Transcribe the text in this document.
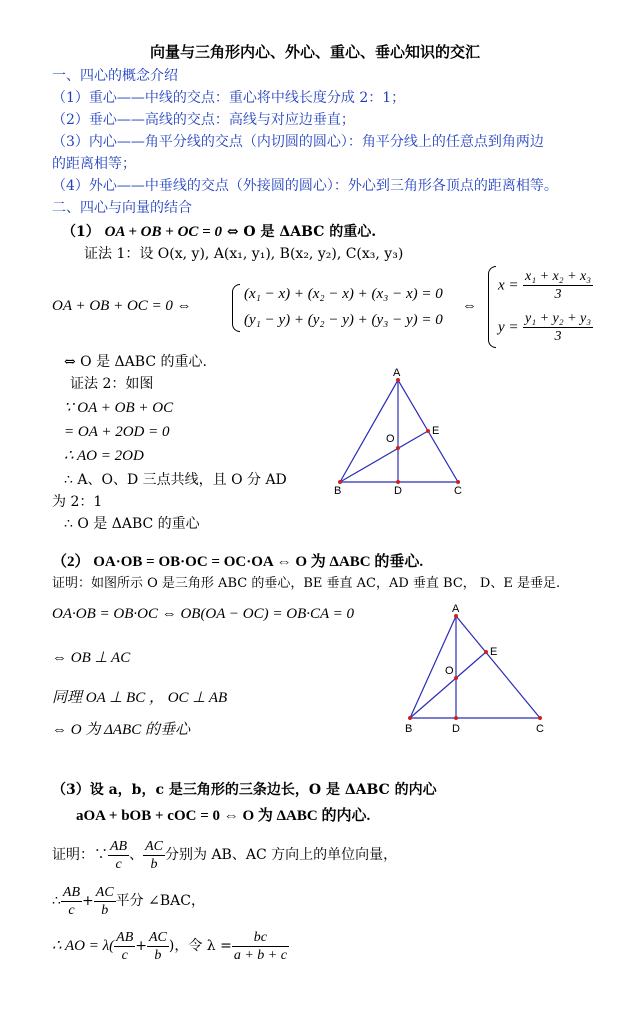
向量与三角形内心、外心、重心、垂心知识的交汇
一、四心的概念介绍
（1）重心——中线的交点：重心将中线长度分成 2：1；
（2）垂心——高线的交点：高线与对应边垂直；
（3）内心——角平分线的交点（内切圆的圆心）：角平分线上的任意点到角两边
的距离相等；
（4）外心——中垂线的交点（外接圆的圆心）：外心到三角形各顶点的距离相等。
二、四心与向量的结合
（1） OA + OB + OC = 0 ⇔ O 是 ΔABC 的重心.
证法 1：设 O(x, y), A(x₁, y₁), B(x₂, y₂), C(x₃, y₃)
OA + OB + OC = 0 ⇔
(x₁ − x) + (x₂ − x) + (x₃ − x) = 0
(y₁ − y) + (y₂ − y) + (y₃ − y) = 0
⇔
$x = \frac{\text{x₁ + x₂ + x₃}}{3}$
$y = \frac{\text{y₁ + y₂ + y₃}}{3}$
⇔ O 是 ΔABC 的重心.
证法 2：如图
∵ OA + OB + OC
= OA + 2OD = 0
∴ AO = 2OD
∴ A、O、D 三点共线，且 O 分 AD
为 2：1
∴ O 是 ΔABC 的重心
A
E
O
B	D	C
（2） OA·OB = OB·OC = OC·OA ⇔ O 为 ΔABC 的垂心.
证明：如图所示 O 是三角形 ABC 的垂心，BE 垂直 AC，AD 垂直 BC， D、E 是垂足.
OA·OB = OB·OC ⇔ OB(OA − OC) = OB·CA = 0
⇔ OB ⊥ AC
同理 OA ⊥ BC ， OC ⊥ AB
⇔ O 为 ΔABC 的垂心
A
E
O
B	D	C
（3）设 a，b，c 是三角形的三条边长，O 是 ΔABC 的内心
aOA + bOB + cOC = 0 ⇔ O 为 ΔABC 的内心.
证明：∵ $\frac{AB}{c}$ 、 $\frac{AC}{b}$ 分别为 AB、AC 方向上的单位向量，
∴ $\frac{AB}{c} + \frac{AC}{b}$ 平分 ∠BAC，
∴ AO = $\lambda( \frac{AB}{c} + \frac{AC}{b}$ )，令 $\lambda = \frac{bc}{a + b + c}$
